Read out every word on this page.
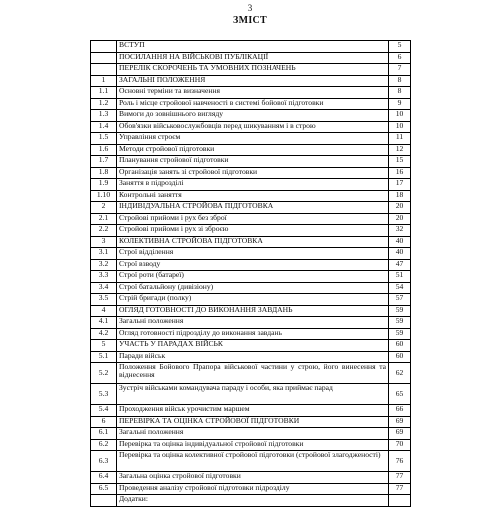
3
ЗМІСТ
	ВСТУП	5
	ПОСИЛАННЯ НА ВІЙСЬКОВІ ПУБЛІКАЦІЇ	6
	ПЕРЕЛІК СКОРОЧЕНЬ ТА УМОВНИХ ПОЗНАЧЕНЬ	7
1	ЗАГАЛЬНІ ПОЛОЖЕННЯ	8
1.1	Основні терміни та визначення	8
1.2	Роль і місце стройової навченості в системі бойової підготовки	9
1.3	Вимоги до зовнішнього вигляду	10
1.4	Обов'язки військовослужбовців перед шикуванням і в строю	10
1.5	Управління строєм	11
1.6	Методи стройової підготовки	12
1.7	Планування стройової підготовки	15
1.8	Організація занять зі стройової підготовки	16
1.9	Заняття в підрозділі	17
1.10	Контрольні заняття	18
2	ІНДИВІДУАЛЬНА СТРОЙОВА ПІДГОТОВКА	20
2.1	Стройові прийоми і рух без зброї	20
2.2	Стройові прийоми і рух зі зброєю	32
3	КОЛЕКТИВНА СТРОЙОВА ПІДГОТОВКА	40
3.1	Строї відділення	40
3.2	Строї взводу	47
3.3	Строї роти (батареї)	51
3.4	Строї батальйону (дивізіону)	54
3.5	Стрій бригади (полку)	57
4	ОГЛЯД ГОТОВНОСТІ ДО ВИКОНАННЯ ЗАВДАНЬ	59
4.1	Загальні положення	59
4.2	Огляд готовності підрозділу до виконання завдань	59
5	УЧАСТЬ У ПАРАДАХ ВІЙСЬК	60
5.1	Паради військ	60
5.2	Положення Бойового Прапора військової частини у строю, його винесення та віднесення	62
5.3	Зустріч військами командувача параду і особи, яка приймає парад	65
5.4	Проходження військ урочистим маршем	66
6	ПЕРЕВІРКА ТА ОЦІНКА СТРОЙОВОЇ ПІДГОТОВКИ	69
6.1	Загальні положення	69
6.2	Перевірка та оцінка індивідуальної стройової підготовки	70
6.3	Перевірка та оцінка колективної стройової підготовки (стройової злагодженості)	76
6.4	Загальна оцінка стройової підготовки	77
6.5	Проведення аналізу стройової підготовки підрозділу	77
	Додатки:	
